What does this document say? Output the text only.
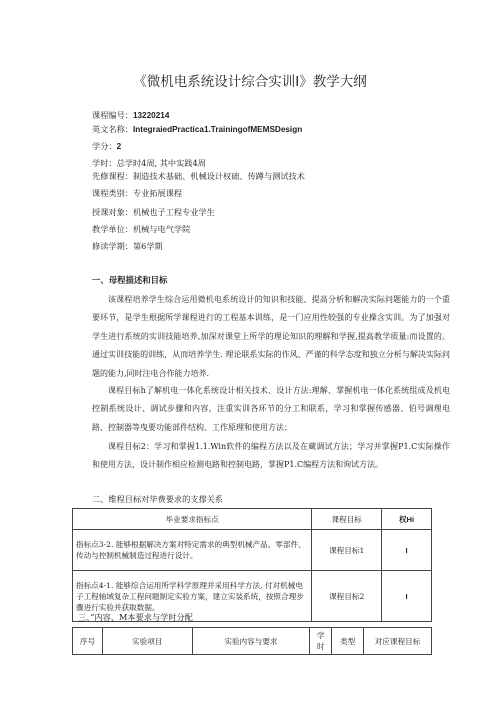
《微机电系统设计综合实训Ⅰ》教学大纲
课程编号：13220214
英文名称：IntegraiedPractica1.TrainingofMEMSDesign
学分：2
学时：总学时4周, 其中实践4周
先修课程：制造技术基础、机械设计权础、传蹲与测试技术
课程类别：专业拓展课程
授课对象：机械也子工程专业学生
教学单位：机械与电气学院
修读学期：第6学期
一、母程描述和目标
该课程培养学生综合运用微机电系统设计的知识和技能、提高分析和解决实际问题能力的一个重要环节，是学生根据所学课程进行的工程基本训练，是一门应用性较强的专业操含实训。为了加强对学生进行系统的实训技能培养,加深对课堂上所学的理论知识的理解和学握,提高教学质量:而设置的。通过实训技能的训练，从而培养学生. 理论联系实际的作风、严谨的科学态度和独立分析与解决实际问题的能力,同时注电合作能力培养.
课程目标h了解机电一体化系统设计相关技术、设计方法:理解、掌握机电一体化系统组成及机电控制系统设计、调试步骤和内容，注重实训各环节的分工和联系，学习和掌握传感器、伯号调理电路、控制器等曳要功能部件结构、工作原理和使用方法；
课程目标2：学习和掌握1.1.Win软件的编程方法以及在蔵调试方法；学习并掌握P1.C实际操作和使用方法，设计制作相应检测电路和控制电路，掌握P1.C编程方法和询试方法。
二、维程目标对毕费要求的支撑关系
毕业要求指标点	课程目标	权Hi
指标点3-2. 能够根据解决方案对特定需求的典型机械产品、零部件、传动与控制机械制造过程进行设计。	课程目标1	I
指标点4-1. 能够综合运用所学科学原理并采用科学方法, 付对机械电子工程轴域复杂工程问题制定实验方案，建立实装系统，按照合理步骤进行实验并获取数据。	课程目标2	I
三、”内容、M本要求与学时分配
序号	实验项目	实验内容与要求	学时	类型	对应课程目标
